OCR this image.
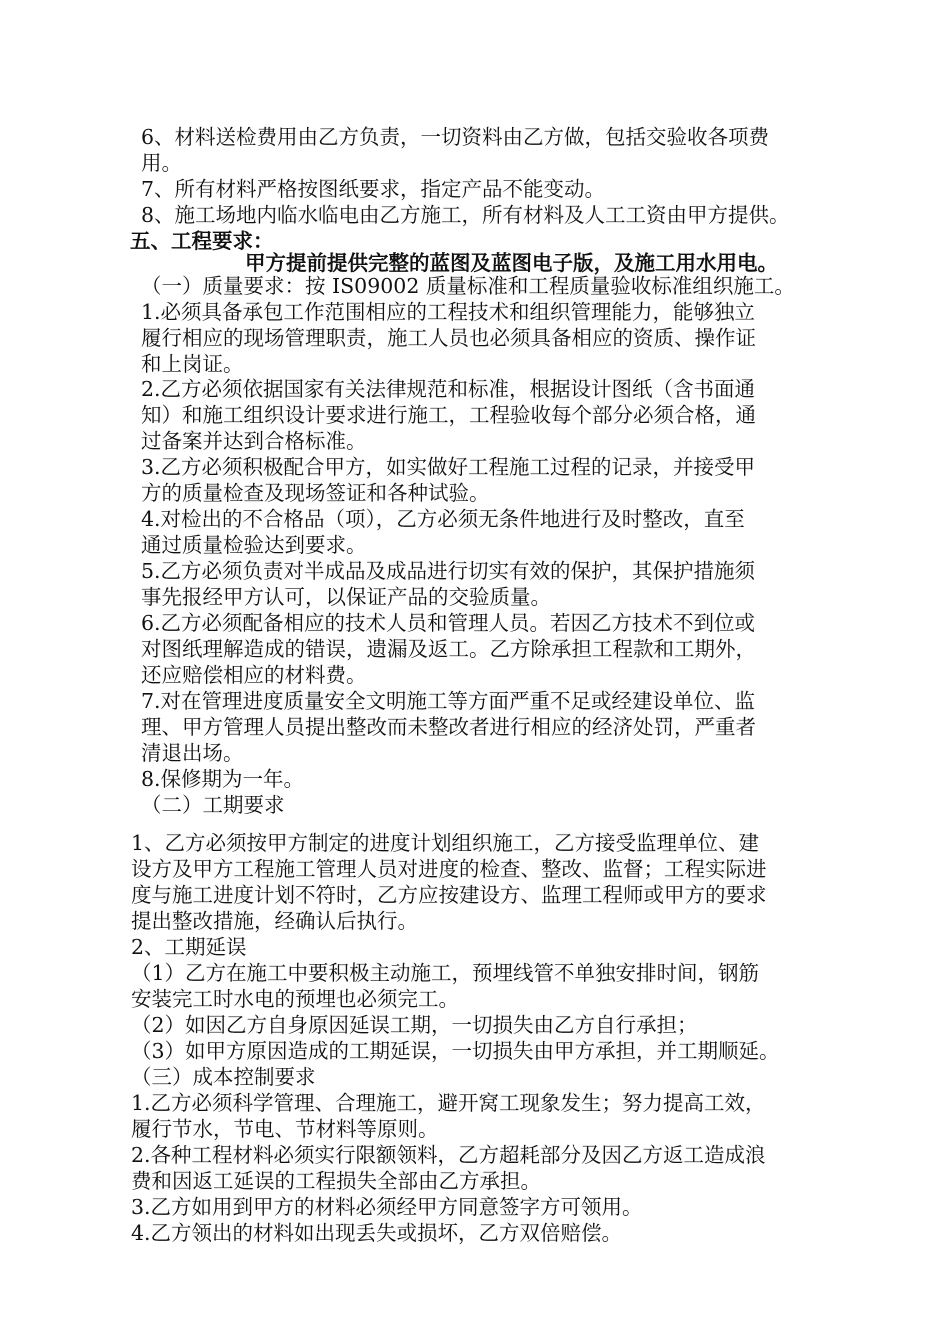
6、材料送检费用由乙方负责，一切资料由乙方做，包括交验收各项费
用。
7、所有材料严格按图纸要求，指定产品不能变动。
8、施工场地内临水临电由乙方施工，所有材料及人工工资由甲方提供。
五、工程要求：
甲方提前提供完整的蓝图及蓝图电子版，及施工用水用电。
（一）质量要求：按 IS09002 质量标准和工程质量验收标准组织施工。
1.必须具备承包工作范围相应的工程技术和组织管理能力，能够独立
履行相应的现场管理职责，施工人员也必须具备相应的资质、操作证
和上岗证。
2.乙方必须依据国家有关法律规范和标准，根据设计图纸（含书面通
知）和施工组织设计要求进行施工，工程验收每个部分必须合格，通
过备案并达到合格标准。
3.乙方必须积极配合甲方，如实做好工程施工过程的记录，并接受甲
方的质量检查及现场签证和各种试验。
4.对检出的不合格品（项），乙方必须无条件地进行及时整改，直至
通过质量检验达到要求。
5.乙方必须负责对半成品及成品进行切实有效的保护，其保护措施须
事先报经甲方认可，以保证产品的交验质量。
6.乙方必须配备相应的技术人员和管理人员。若因乙方技术不到位或
对图纸理解造成的错误，遗漏及返工。乙方除承担工程款和工期外，
还应赔偿相应的材料费。
7.对在管理进度质量安全文明施工等方面严重不足或经建设单位、监
理、甲方管理人员提出整改而未整改者进行相应的经济处罚，严重者
清退出场。
8.保修期为一年。
（二）工期要求
1、乙方必须按甲方制定的进度计划组织施工，乙方接受监理单位、建
设方及甲方工程施工管理人员对进度的检查、整改、监督；工程实际进
度与施工进度计划不符时，乙方应按建设方、监理工程师或甲方的要求
提出整改措施，经确认后执行。
2、工期延误
（1）乙方在施工中要积极主动施工，预埋线管不单独安排时间，钢筋
安装完工时水电的预埋也必须完工。
（2）如因乙方自身原因延误工期，一切损失由乙方自行承担；
（3）如甲方原因造成的工期延误，一切损失由甲方承担，并工期顺延。
（三）成本控制要求
1.乙方必须科学管理、合理施工，避开窝工现象发生；努力提高工效，
履行节水，节电、节材料等原则。
2.各种工程材料必须实行限额领料，乙方超耗部分及因乙方返工造成浪
费和因返工延误的工程损失全部由乙方承担。
3.乙方如用到甲方的材料必须经甲方同意签字方可领用。
4.乙方领出的材料如出现丢失或损坏，乙方双倍赔偿。
